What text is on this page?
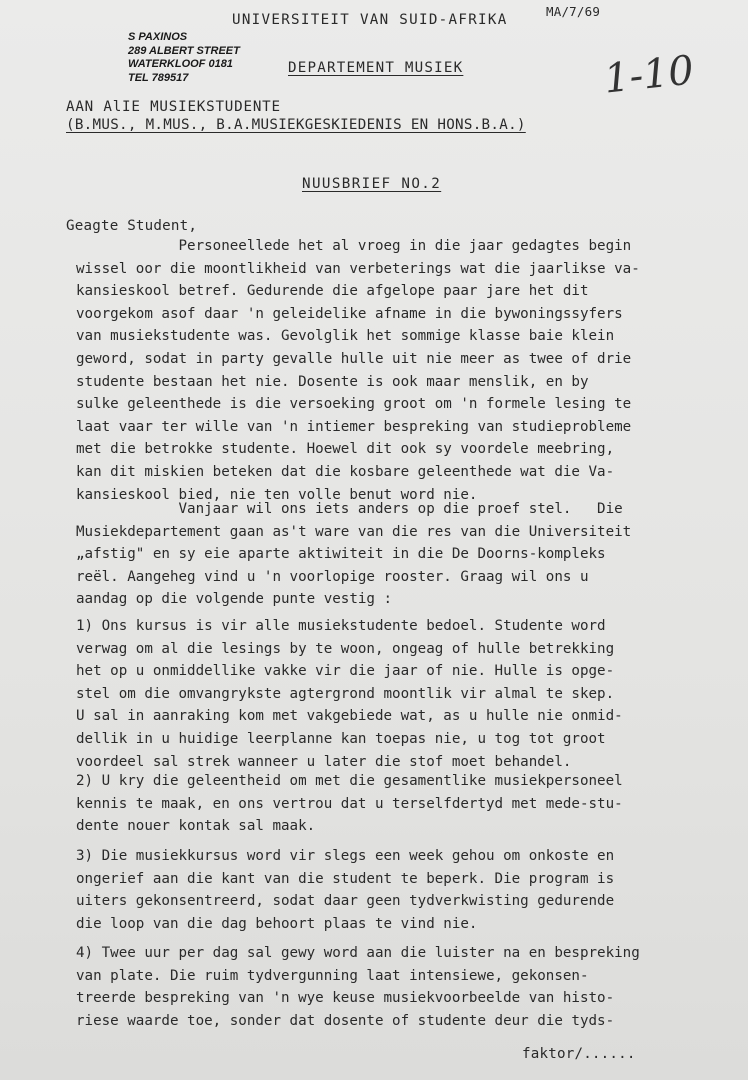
UNIVERSITEIT VAN SUID-AFRIKA
MA/7/69
S PAXINOS
289 ALBERT STREET
WATERKLOOF 0181
TEL 789517
DEPARTEMENT MUSIEK	1-10
AAN AlIE MUSIEKSTUDENTE
(B.MUS., M.MUS., B.A.MUSIEKGESKIEDENIS EN HONS.B.A.)
NUUSBRIEF NO.2
Geagte Student,
Personeellede het al vroeg in die jaar gedagtes begin
wissel oor die moontlikheid van verbeterings wat die jaarlikse va-
kansieskool betref. Gedurende die afgelope paar jare het dit
voorgekom asof daar 'n geleidelike afname in die bywoningssyfers
van musiekstudente was. Gevolglik het sommige klasse baie klein
geword, sodat in party gevalle hulle uit nie meer as twee of drie
studente bestaan het nie. Dosente is ook maar menslik, en by
sulke geleenthede is die versoeking groot om 'n formele lesing te
laat vaar ter wille van 'n intiemer bespreking van studieprobleme
met die betrokke studente. Hoewel dit ook sy voordele meebring,
kan dit miskien beteken dat die kosbare geleenthede wat die Va-
kansieskool bied, nie ten volle benut word nie.
Vanjaar wil ons iets anders op die proef stel.   Die
Musiekdepartement gaan as't ware van die res van die Universiteit
„afstig" en sy eie aparte aktiwiteit in die De Doorns-kompleks
reël. Aangeheg vind u 'n voorlopige rooster. Graag wil ons u
aandag op die volgende punte vestig :
1) Ons kursus is vir alle musiekstudente bedoel. Studente word
verwag om al die lesings by te woon, ongeag of hulle betrekking
het op u onmiddellike vakke vir die jaar of nie. Hulle is opge-
stel om die omvangrykste agtergrond moontlik vir almal te skep.
U sal in aanraking kom met vakgebiede wat, as u hulle nie onmid-
dellik in u huidige leerplanne kan toepas nie, u tog tot groot
voordeel sal strek wanneer u later die stof moet behandel.
2) U kry die geleentheid om met die gesamentlike musiekpersoneel
kennis te maak, en ons vertrou dat u terselfdertyd met mede-stu-
dente nouer kontak sal maak.
3) Die musiekkursus word vir slegs een week gehou om onkoste en
ongerief aan die kant van die student te beperk. Die program is
uiters gekonsentreerd, sodat daar geen tydverkwisting gedurende
die loop van die dag behoort plaas te vind nie.
4) Twee uur per dag sal gewy word aan die luister na en bespreking
van plate. Die ruim tydvergunning laat intensiewe, gekonsen-
treerde bespreking van 'n wye keuse musiekvoorbeelde van histo-
riese waarde toe, sonder dat dosente of studente deur die tyds-
faktor/......
